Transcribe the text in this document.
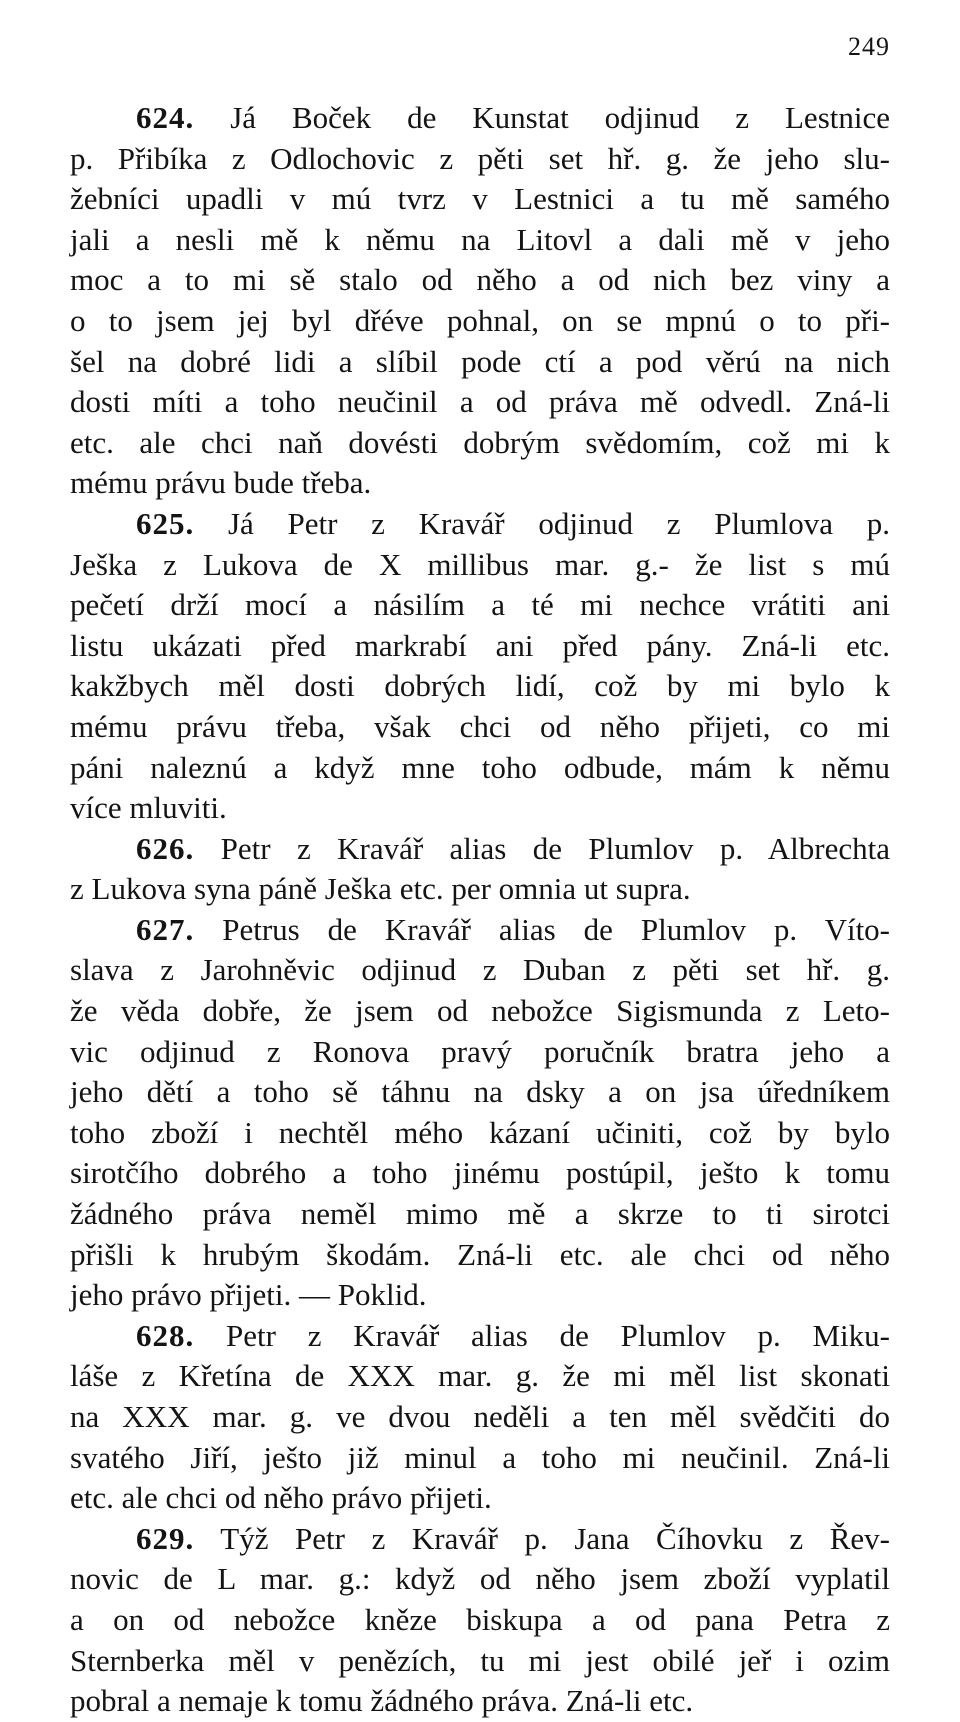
249
624. Já Boček de Kunstat odjinud z Lestnice
p. Přibíka z Odlochovic z pěti set hř. g. že jeho slu-
žebníci upadli v mú tvrz v Lestnici a tu mě samého
jali a nesli mě k němu na Litovl a dali mě v jeho
moc a to mi sě stalo od něho a od nich bez viny a
o to jsem jej byl dřéve pohnal, on se mpnú o to při-
šel na dobré lidi a slíbil pode ctí a pod věrú na nich
dosti míti a toho neučinil a od práva mě odvedl. Zná-li
etc. ale chci naň dovésti dobrým svědomím, což mi k
mému právu bude třeba.
625. Já Petr z Kravář odjinud z Plumlova p.
Ješka z Lukova de X millibus mar. g.- že list s mú
pečetí drží mocí a násilím a té mi nechce vrátiti ani
listu ukázati před markrabí ani před pány. Zná-li etc.
kakžbych měl dosti dobrých lidí, což by mi bylo k
mému právu třeba, však chci od něho přijeti, co mi
páni naleznú a když mne toho odbude, mám k němu
více mluviti.
626. Petr z Kravář alias de Plumlov p. Albrechta
z Lukova syna páně Ješka etc. per omnia ut supra.
627. Petrus de Kravář alias de Plumlov p. Víto-
slava z Jarohněvic odjinud z Duban z pěti set hř. g.
že věda dobře, že jsem od nebožce Sigismunda z Leto-
vic odjinud z Ronova pravý poručník bratra jeho a
jeho dětí a toho sě táhnu na dsky a on jsa úředníkem
toho zboží i nechtěl mého kázaní učiniti, což by bylo
sirotčího dobrého a toho jinému postúpil, ješto k tomu
žádného práva neměl mimo mě a skrze to ti sirotci
přišli k hrubým škodám. Zná-li etc. ale chci od něho
jeho právo přijeti. — Poklid.
628. Petr z Kravář alias de Plumlov p. Miku-
láše z Křetína de XXX mar. g. že mi měl list skonati
na XXX mar. g. ve dvou neděli a ten měl svědčiti do
svatého Jiří, ješto již minul a toho mi neučinil. Zná-li
etc. ale chci od něho právo přijeti.
629. Týž Petr z Kravář p. Jana Číhovku z Řev-
novic de L mar. g.: když od něho jsem zboží vyplatil
a on od nebožce kněze biskupa a od pana Petra z
Sternberka měl v penězích, tu mi jest obilé jeř i ozim
pobral a nemaje k tomu žádného práva. Zná-li etc.
